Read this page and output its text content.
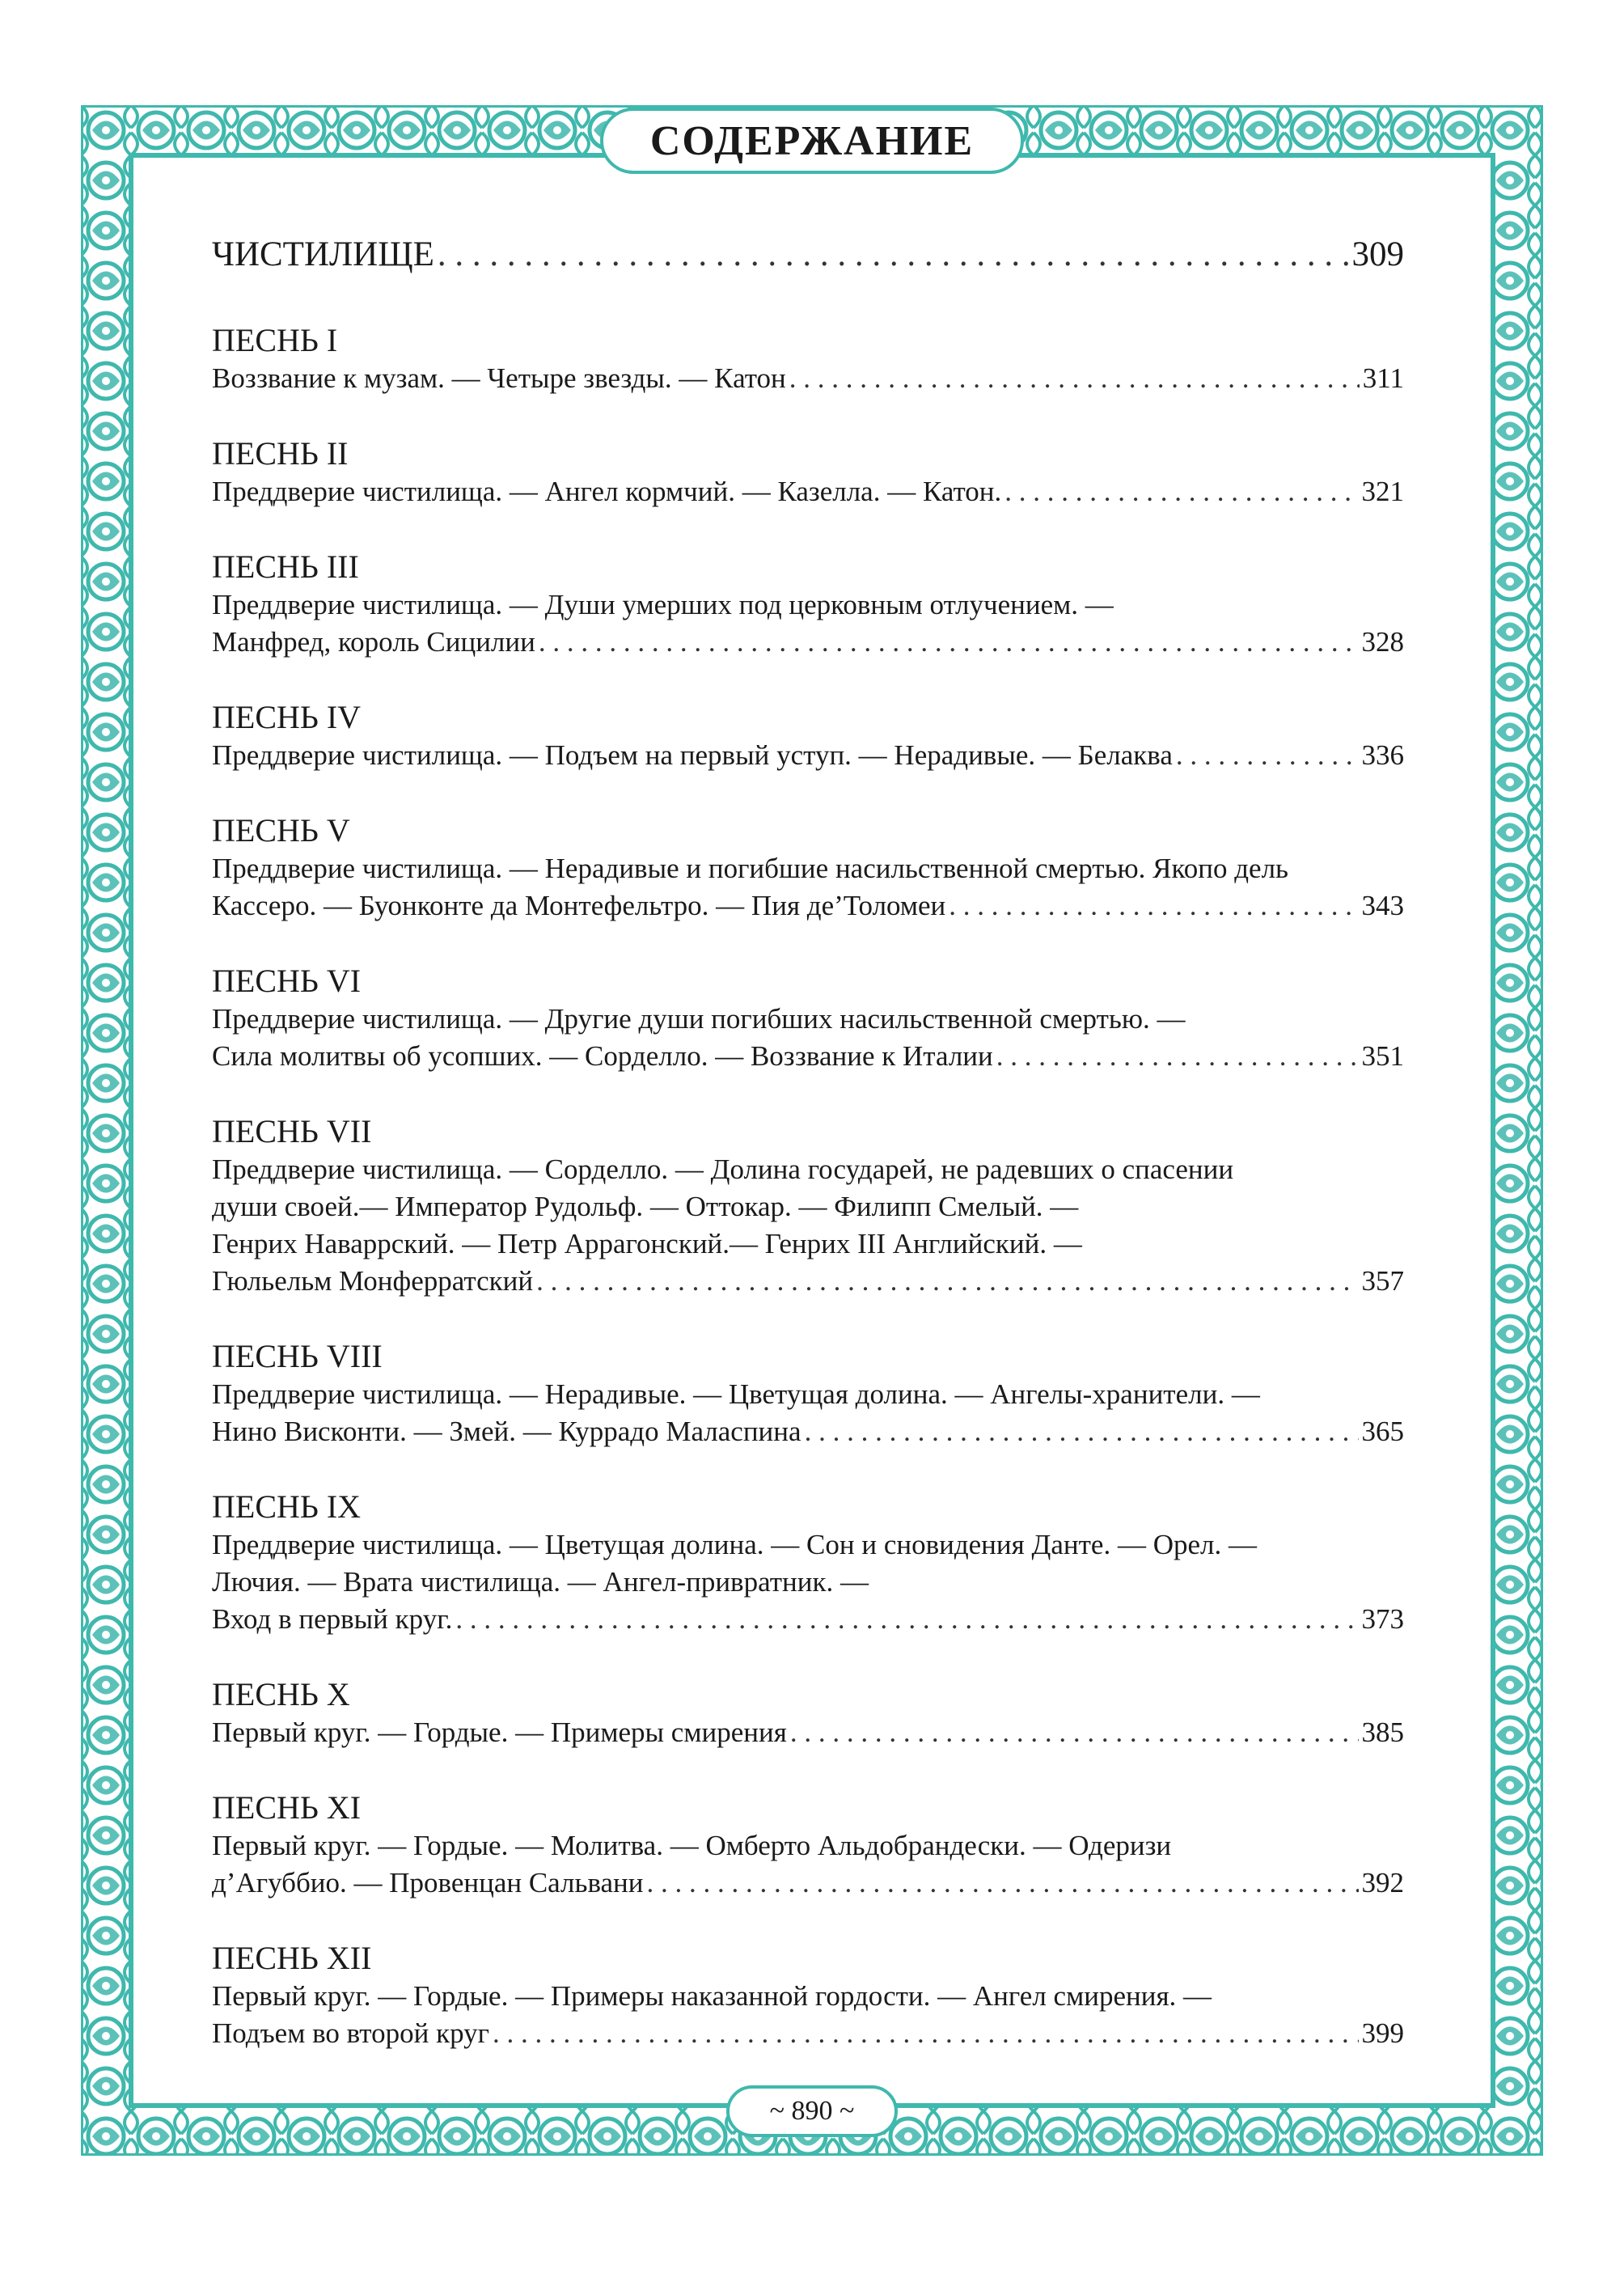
СОДЕРЖАНИЕ
ЧИСТИЛИЩЕ . . .	309
ПЕСНЬ I
Воззвание к музам. — Четыре звезды. — Катон . . .	311
ПЕСНЬ II
Преддверие чистилища. — Ангел кормчий. — Казелла. — Катон. . . .	321
ПЕСНЬ III
Преддверие чистилища. — Души умерших под церковным отлучением. —
Манфред, король Сицилии . . .	328
ПЕСНЬ IV
Преддверие чистилища. — Подъем на первый уступ. — Нерадивые. — Белаква . . .	336
ПЕСНЬ V
Преддверие чистилища. — Нерадивые и погибшие насильственной смертью. Якопо дель
Кассеро. — Буонконте да Монтефельтро. — Пия де’Толомеи . . .	343
ПЕСНЬ VI
Преддверие чистилища. — Другие души погибших насильственной смертью. —
Сила молитвы об усопших. — Сорделло. — Воззвание к Италии . . .	351
ПЕСНЬ VII
Преддверие чистилища. — Сорделло. — Долина государей, не радевших о спасении
души своей.— Император Рудольф. — Оттокар. — Филипп Смелый. —
Генрих Наваррский. — Петр Аррагонский.— Генрих III Английский. —
Гюльельм Монферратский . . .	357
ПЕСНЬ VIII
Преддверие чистилища. — Нерадивые. — Цветущая долина. — Ангелы-хранители. —
Нино Висконти. — Змей. — Куррадо Маласпина . . .	365
ПЕСНЬ IX
Преддверие чистилища. — Цветущая долина. — Сон и сновидения Данте. — Орел. —
Лючия. — Врата чистилища. — Ангел-привратник. —
Вход в первый круг. . . .	373
ПЕСНЬ X
Первый круг. — Гордые. — Примеры смирения . . .	385
ПЕСНЬ XI
Первый круг. — Гордые. — Молитва. — Омберто Альдобрандески. — Одеризи
д’Агуббио. — Провенцан Сальвани . . .	392
ПЕСНЬ XII
Первый круг. — Гордые. — Примеры наказанной гордости. — Ангел смирения. —
Подъем во второй круг . . .	399
~ 890 ~
